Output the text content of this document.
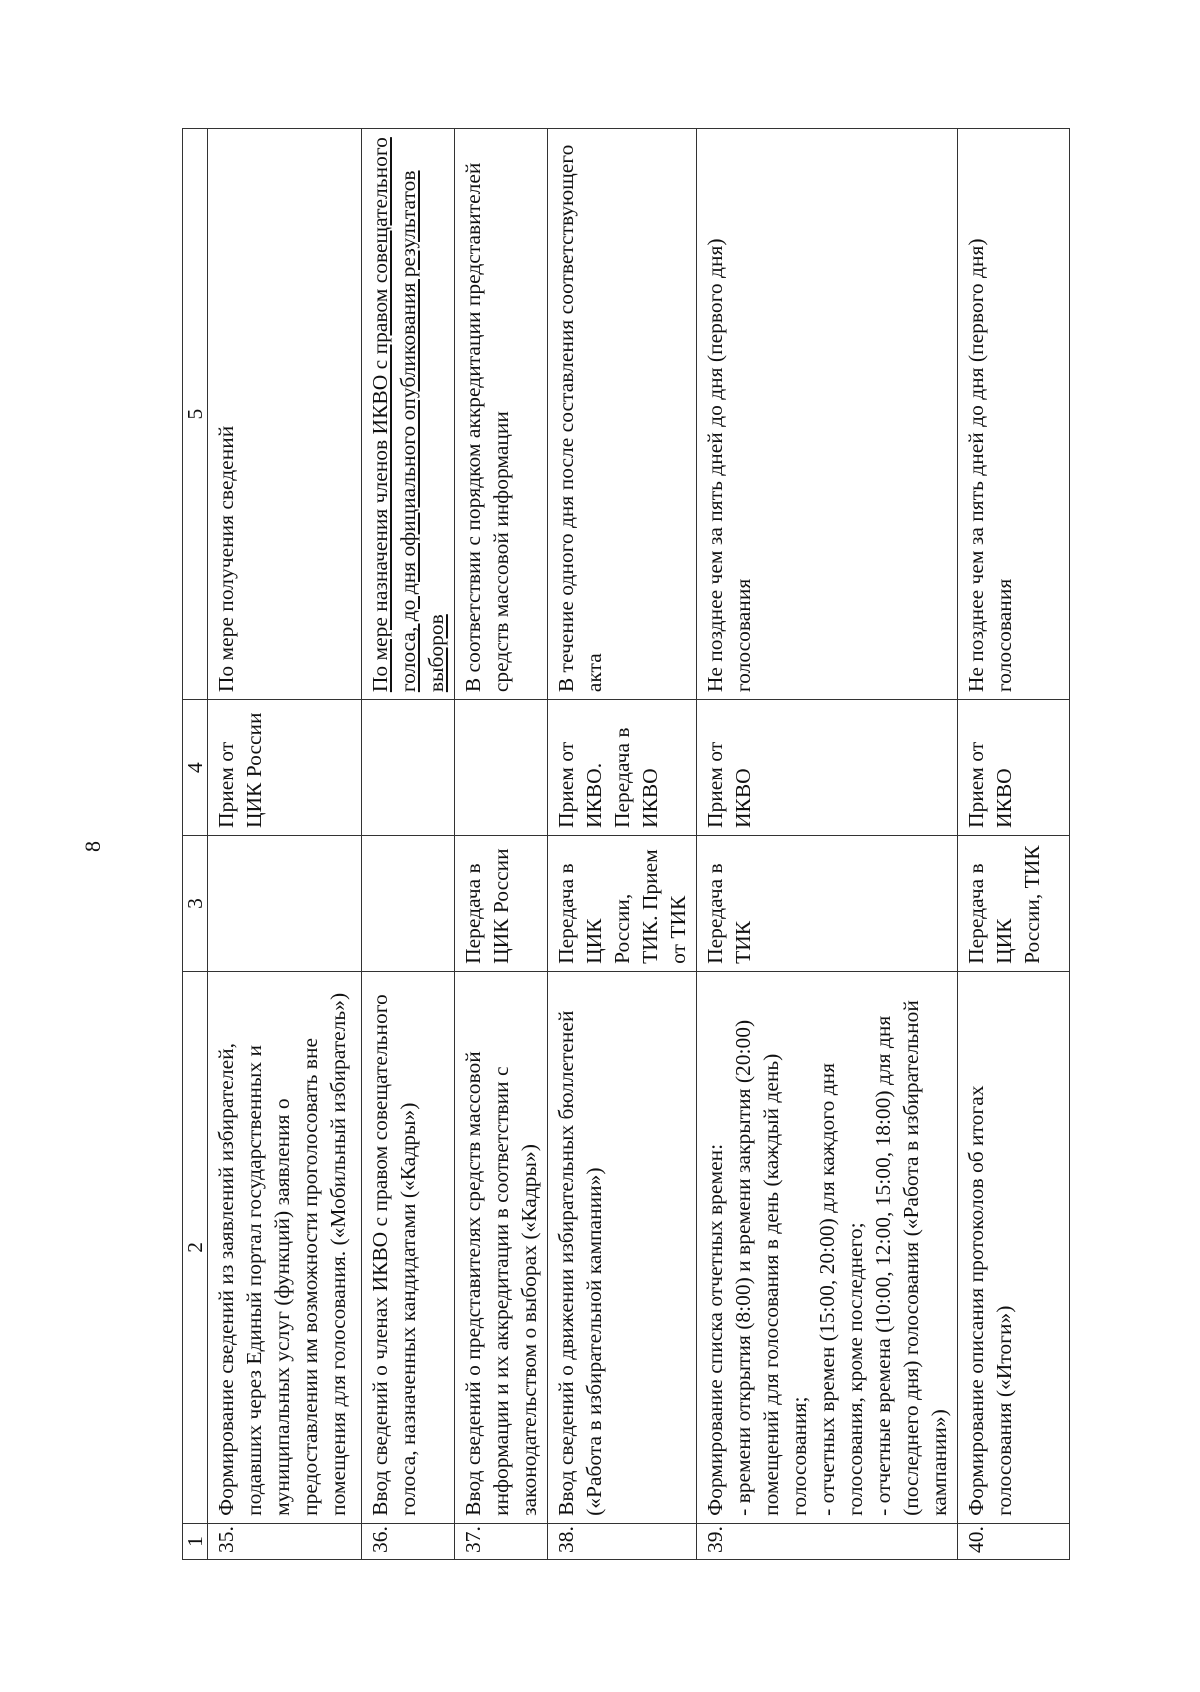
8
1	2	3	4	5
35.	Формирование сведений из заявлений избирателей, подавших через Единый портал государственных и муниципальных услуг (функций) заявления о предоставлении им возможности проголосовать вне помещения для голосования. («Мобильный избиратель»)		Прием от ЦИК России	По мере получения сведений
36.	Ввод сведений о членах ИКВО с правом совещательного голоса, назначенных кандидатами («Кадры»)			По мере назначения членов ИКВО с правом совещательного голоса, до дня официального опубликования результатов выборов
37.	Ввод сведений о представителях средств массовой информации и их аккредитации в соответствии с законодательством о выборах («Кадры»)	Передача в ЦИК России		В соответствии с порядком аккредитации представителей средств массовой информации
38.	Ввод сведений о движении избирательных бюллетеней («Работа в избирательной кампании»)	Передача в ЦИК России, ТИК. Прием от ТИК	Прием от ИКВО. Передача в ИКВО	В течение одного дня после составления соответствующего акта
39.	Формирование списка отчетных времен: - времени открытия (8:00) и времени закрытия (20:00) помещений для голосования в день (каждый день) голосования; - отчетных времен (15:00, 20:00) для каждого дня голосования, кроме последнего; - отчетные времена (10:00, 12:00, 15:00, 18:00) для дня (последнего дня) голосования («Работа в избирательной кампании»)	Передача в ТИК	Прием от ИКВО	Не позднее чем за пять дней до дня (первого дня) голосования
40.	Формирование описания протоколов об итогах голосования («Итоги»)	Передача в ЦИК России, ТИК	Прием от ИКВО	Не позднее чем за пять дней до дня (первого дня) голосования
